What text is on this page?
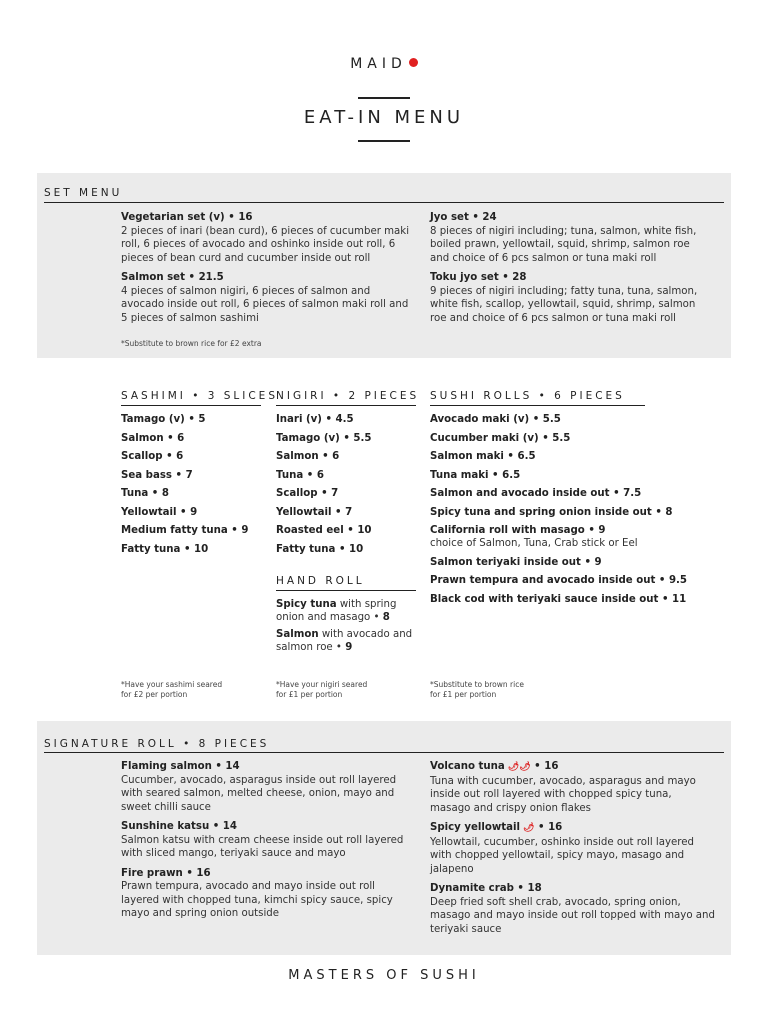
MAID
EAT-IN MENU
SET MENU
Vegetarian set (v) • 16
2 pieces of inari (bean curd), 6 pieces of cucumber maki roll, 6 pieces of avocado and oshinko inside out roll, 6 pieces of bean curd and cucumber inside out roll
Salmon set • 21.5
4 pieces of salmon nigiri, 6 pieces of salmon and avocado inside out roll, 6 pieces of salmon maki roll and 5 pieces of salmon sashimi
Jyo set • 24
8 pieces of nigiri including; tuna, salmon, white fish, boiled prawn, yellowtail, squid, shrimp, salmon roe and choice of 6 pcs salmon or tuna maki roll
Toku jyo set • 28
9 pieces of nigiri including; fatty tuna, tuna, salmon, white fish, scallop, yellowtail, squid, shrimp, salmon roe and choice of 6 pcs salmon or tuna maki roll
*Substitute to brown rice for £2 extra
SASHIMI • 3 SLICES
Tamago (v) • 5
Salmon • 6
Scallop • 6
Sea bass • 7
Tuna • 8
Yellowtail • 9
Medium fatty tuna • 9
Fatty tuna • 10
*Have your sashimi seared
for £2 per portion
NIGIRI • 2 PIECES
Inari (v) • 4.5
Tamago (v) • 5.5
Salmon • 6
Tuna • 6
Scallop • 7
Yellowtail • 7
Roasted eel • 10
Fatty tuna • 10
HAND ROLL
Spicy tuna with spring onion and masago • 8
Salmon with avocado and salmon roe • 9
*Have your nigiri seared
for £1 per portion
SUSHI ROLLS • 6 PIECES
Avocado maki (v) • 5.5
Cucumber maki (v) • 5.5
Salmon maki • 6.5
Tuna maki • 6.5
Salmon and avocado inside out • 7.5
Spicy tuna and spring onion inside out • 8
California roll with masago • 9
choice of Salmon, Tuna, Crab stick or Eel
Salmon teriyaki inside out • 9
Prawn tempura and avocado inside out • 9.5
Black cod with teriyaki sauce inside out • 11
*Substitute to brown rice
for £1 per portion
SIGNATURE ROLL • 8 PIECES
Flaming salmon • 14
Cucumber, avocado, asparagus inside out roll layered with seared salmon, melted cheese, onion, mayo and sweet chilli sauce
Sunshine katsu • 14
Salmon katsu with cream cheese inside out roll layered with sliced mango, teriyaki sauce and mayo
Fire prawn • 16
Prawn tempura, avocado and mayo inside out roll layered with chopped tuna, kimchi spicy sauce, spicy mayo and spring onion outside
Volcano tuna 🌶🌶 • 16
Tuna with cucumber, avocado, asparagus and mayo inside out roll layered with chopped spicy tuna, masago and crispy onion flakes
Spicy yellowtail 🌶 • 16
Yellowtail, cucumber, oshinko inside out roll layered with chopped yellowtail, spicy mayo, masago and jalapeno
Dynamite crab • 18
Deep fried soft shell crab, avocado, spring onion, masago and mayo inside out roll topped with mayo and teriyaki sauce
MASTERS OF SUSHI
